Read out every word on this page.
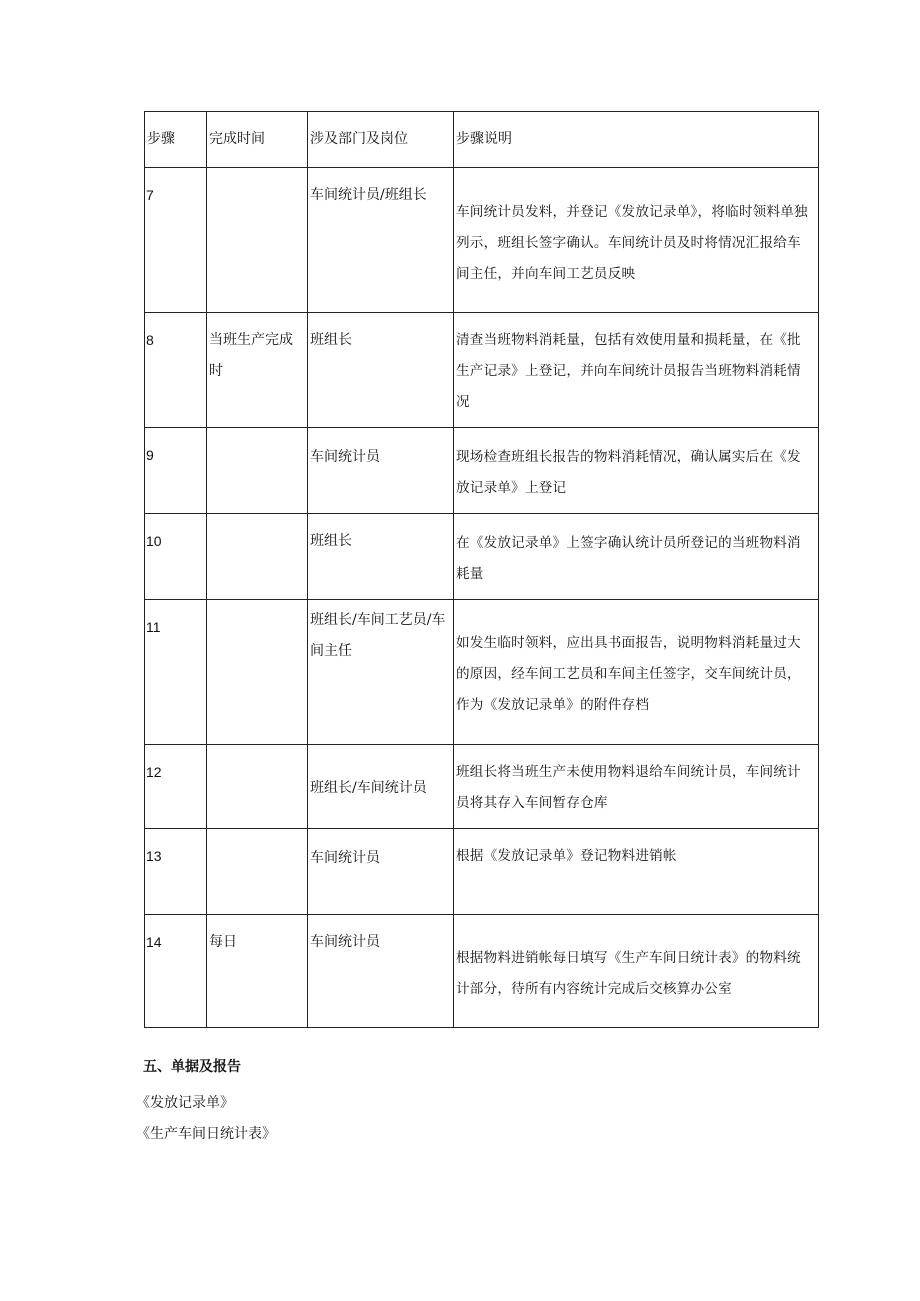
步骤	完成时间	涉及部门及岗位	步骤说明

7		车间统计员/班组长	车间统计员发料，并登记《发放记录单》，将临时领料单独列示，班组长签字确认。车间统计员及时将情况汇报给车间主任，并向车间工艺员反映

8	当班生产完成时	班组长	清查当班物料消耗量，包括有效使用量和损耗量，在《批生产记录》上登记，并向车间统计员报告当班物料消耗情况

9		车间统计员	现场检查班组长报告的物料消耗情况，确认属实后在《发放记录单》上登记

10		班组长	在《发放记录单》上签字确认统计员所登记的当班物料消耗量

11		班组长/车间工艺员/车间主任	如发生临时领料，应出具书面报告，说明物料消耗量过大的原因，经车间工艺员和车间主任签字，交车间统计员，作为《发放记录单》的附件存档

12		班组长/车间统计员	班组长将当班生产未使用物料退给车间统计员，车间统计员将其存入车间暂存仓库

13		车间统计员	根据《发放记录单》登记物料进销帐

14	每日	车间统计员	根据物料进销帐每日填写《生产车间日统计表》的物料统计部分，待所有内容统计完成后交核算办公室
五、单据及报告
《发放记录单》
《生产车间日统计表》
